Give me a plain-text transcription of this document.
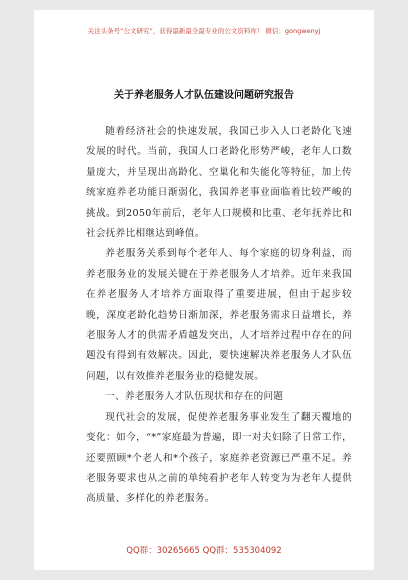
关注头条号“公文研究”，获得最新最全最专业的公文资料库！ 微信：gongwenyj
关于养老服务人才队伍建设问题研究报告

随着经济社会的快速发展，我国已步入人口老龄化飞速发展的时代。当前，我国人口老龄化形势严峻，老年人口数量庞大，并呈现出高龄化、空巢化和失能化等特征，加上传统家庭养老功能日渐弱化，我国养老事业面临着比较严峻的挑战。到2050年前后，老年人口规模和比重、老年抚养比和社会抚养比相继达到峰值。

养老服务关系到每个老年人、每个家庭的切身利益，而养老服务业的发展关键在于养老服务人才培养。近年来我国在养老服务人才培养方面取得了重要进展，但由于起步较晚，深度老龄化趋势日渐加深，养老服务需求日益增长，养老服务人才的供需矛盾越发突出，人才培养过程中存在的问题没有得到有效解决。因此，要快速解决养老服务人才队伍问题，以有效推养老服务业的稳健发展。

一、养老服务人才队伍现状和存在的问题

现代社会的发展，促使养老服务事业发生了翻天覆地的变化：如今，“*”家庭最为普遍，即一对夫妇除了日常工作，还要照顾*个老人和*个孩子，家庭养老资源已严重不足。养老服务要求也从之前的单纯看护老年人转变为为老年人提供高质量、多样化的养老服务。

QQ群：30265665 QQ群：535304092
